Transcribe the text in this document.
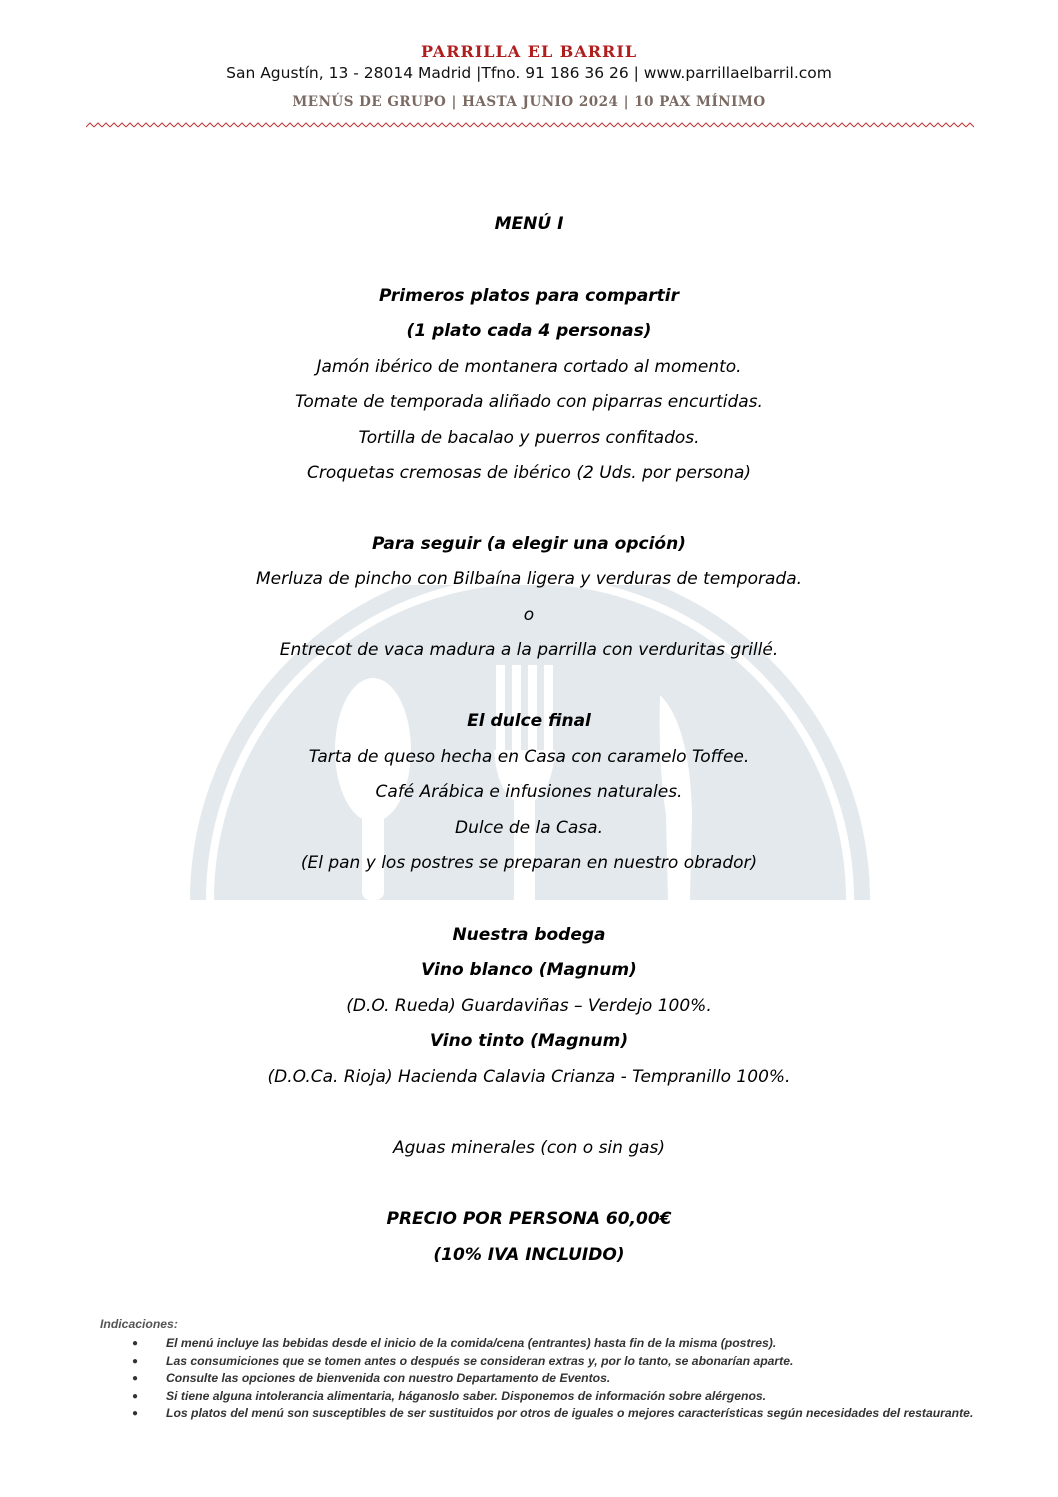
PARRILLA EL BARRIL
San Agustín, 13 - 28014 Madrid |Tfno. 91 186 36 26 | www.parrillaelbarril.com
MENÚS DE GRUPO | HASTA JUNIO 2024 | 10 PAX MÍNIMO
MENÚ I
Primeros platos para compartir
(1 plato cada 4 personas)
Jamón ibérico de montanera cortado al momento.
Tomate de temporada aliñado con piparras encurtidas.
Tortilla de bacalao y puerros confitados.
Croquetas cremosas de ibérico (2 Uds. por persona)
Para seguir (a elegir una opción)
Merluza de pincho con Bilbaína ligera y verduras de temporada.
o
Entrecot de vaca madura a la parrilla con verduritas grillé.
El dulce final
Tarta de queso hecha en Casa con caramelo Toffee.
Café Arábica e infusiones naturales.
Dulce de la Casa.
(El pan y los postres se preparan en nuestro obrador)
Nuestra bodega
Vino blanco (Magnum)
(D.O. Rueda) Guardaviñas – Verdejo 100%.
Vino tinto (Magnum)
(D.O.Ca. Rioja) Hacienda Calavia Crianza - Tempranillo 100%.
Aguas minerales (con o sin gas)
PRECIO POR PERSONA 60,00€
(10% IVA INCLUIDO)
Indicaciones:
● El menú incluye las bebidas desde el inicio de la comida/cena (entrantes) hasta fin de la misma (postres).
● Las consumiciones que se tomen antes o después se consideran extras y, por lo tanto, se abonarían aparte.
● Consulte las opciones de bienvenida con nuestro Departamento de Eventos.
● Si tiene alguna intolerancia alimentaria, háganoslo saber. Disponemos de información sobre alérgenos.
● Los platos del menú son susceptibles de ser sustituidos por otros de iguales o mejores características según necesidades del restaurante.
